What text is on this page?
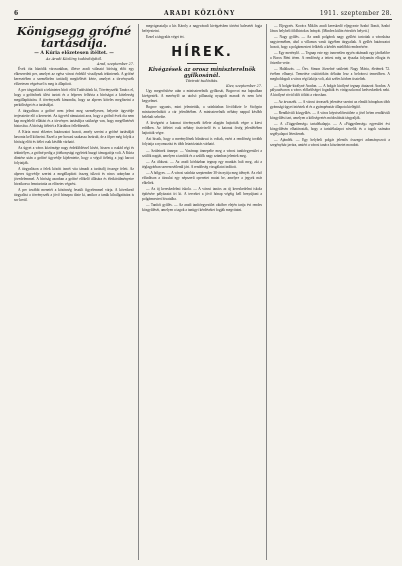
6	ARADI KÖZLÖNY	1911. szeptember 28.
Königsegg grófné tartásdíja.
— A Kúria előzetesen ítéltet. —
Az Aradi Közlöny tudósítójától.
Arad, szeptember 27.

Évek óta húzódik városunkban, illetve aradi választó bíróság előtt egy elkeseredett per, amelyet az egész várost érdeklő viszálynak tekintenek. A grófné keresetében a személtelen tartásdíj megítélését kérte, amelyet a törvényszék előzetesen végzéssel is meg is állapított.

A per tárgyalását a tekintetes bírói előtt Tudósítónk ki, Törvényszéki Tanács el, hogy a grófnőnek ülést tartott és a felperes felhívta a bíróságot a kötelesség megállapítására. A törvényszék kimondta, hogy az alperes köteles megfizetni a perköltséget és a tartásdíjat.

A tárgyalásra a grófné nem jelent meg személyesen, helyette ügyvédje terjesztette elő a keresetet. Az ügyvéd rámutatott arra, hogy a grófnő évek óta nem kap megfelelő ellátást és a törvényes tartásdíjra szüksége van, hogy megélhetését biztosítsa. A bíróság ítéletét a Kúriához fellebbezték.

A Kúria most előzetes határozatot hozott, amely szerint a grófné tartásdíját havonta kell kifizetni. Ezzel a per hosszú szakasza lezárult, de a főper még folyik a bíróság előtt és ítélet csak később várható.

Az ügyet a város közönsége nagy érdeklődéssel kíséri, hiszen a család régi és tekintélyes, a grófné pedig a jótékonysági egyletek buzgó támogatója volt. A Kúria döntése után a grófné ügyvédje kijelentette, hogy a végső ítéletig a jogi harcot folytatják.

A tárgyaláson a felek között ismét vita támadt a tartásdíj összege felett. Az alperes ügyvédje szerint a megállapított összeg túlzott és nincs arányban a jövedelemmel. A bíróság azonban a grófné előkelő állására és életkörülményeire hivatkozva fenntartotta az előzetes végzést.

A per további menetét a közönség feszült figyelemmel várja. A következő tárgyalást a törvényszék a jövő hónapra tűzte ki, amikor a tanúk kihallgatására is sor kerül.

megvigasztalja a kis Károly a nagyváradi kivégzésben történt balesetét fogja befejeztetni.

Ezzel a tárgyalás véget ért.

HÍREK.
Kivégzések az orosz miniszterelnök gyilkosánál.
Távirati tudósítás.
Kiev, szeptember 27.

Ugy megerősítése után a miniszterelnök gyilkosát, Bogrovot ma hajnalban kivégezték. A merénylő az utolsó pillanatig nyugodt maradt és nem kért kegyelmet.

Bogrov ugyanis, mint jelentettük, a színházban lövöldözte le Stolypin miniszterelnököt a cár jelenlétében. A miniszterelnök néhány nappal később belehalt sebeibe.

A kivégzést a katonai törvényszék ítélete alapján hajtották végre a kievi erődben. Az ítéletet csak néhány tisztviselő és a katonai őrség jelenlétében hajtották végre.

Azt hiszik, hogy a merénylőnek bűntársai is voltak, ezért a rendőrség tovább folytatja a nyomozást és több letartóztatás várható.

— Szüleinek ünnepe. — Vasárnap ünnepelte meg a városi tanítóegyesület a szülők napját, amelyen a tanítók és a szülők nagy számban jelentek meg.

— Az áldozat. — Az aradi kórházban tegnap egy munkás halt meg, aki a téglagyárban szerencsétlenül járt. A rendőrség vizsgálatot indított.

— A hölgyes. — A városi színház szeptember 30-án nyitja meg idényét. Az első előadáson a társulat egy népszerű operettet mutat be, amelyre a jegyek már elkeltek.

— Az új kereskedelmi iskola. — A városi tanács az új kereskedelmi iskola építésére pályázatot írt ki. A terveket a jövő hónap végéig kell benyújtani a polgármesteri hivatalba.

— Tanítói gyűlés. — Az aradi tanítóegyesület október elején tartja évi rendes közgyűlését, amelyen a tagok a tanügyi kérdéseket fogják megvitatni.

— Eljegyzés. Kovács Miklós aradi kereskedő eljegyezte Szabó Ilonát, Szabó János helybeli földbirtokos leányát. (Minden külön értesítés helyett.)

— Nagy gyűlés. — Az aradi polgárok nagy gyűlést tartottak a városháza nagytermében, ahol a villamos vasút ügyében tárgyaltak. A gyűlés határozatot hozott, hogy a polgármestert felkérik a kérdés mielőbbi rendezésére.

— Egy merénylő. — Tegnap este egy ismeretlen egyén rátámadt egy járókelőre a Boros Béni téren. A rendőrség a tettest még az éjszaka folyamán elfogta és őrizetbe vette.

— Halálozás. — Özv. Simon Józsefné született Nagy Mária, életének 72. évében elhunyt. Temetése csütörtökön délután lesz a belvárosi temetőben. A megboldogult a város régi lakója volt, akit széles körben tiszteltek.

— A bolgár-királyné Aradon. — A bolgár királyné tegnap átutazott Aradon. A pályaudvaron a város előkelőségei fogadták és virágcsokorral kedveskedtek neki. A királyné rövid időt töltött a városban.

— Az árvaszék. — A városi árvaszék jelentése szerint az elmúlt hónapban több gyámsági ügyet intéztek el és a gyámpénztár állapota kielégítő.

— Rendkívüli közgyűlés. — A város képviselőtestülete a jövő héten rendkívüli közgyűlést tart, amelyen a költségvetés módosítását tárgyalják.

— A »Tüggetlenség« tartalékalapja. — A »Függetlenség« egyesület évi közgyűlésén elhatározták, hogy a tartalékalapot növelik és a tagok számára segélyalapot létesítenek.

— Ajándék. — Egy helybeli polgár jelentős összeget adományozott a szegényház javára, amiért a városi tanács köszönetet mondott.
